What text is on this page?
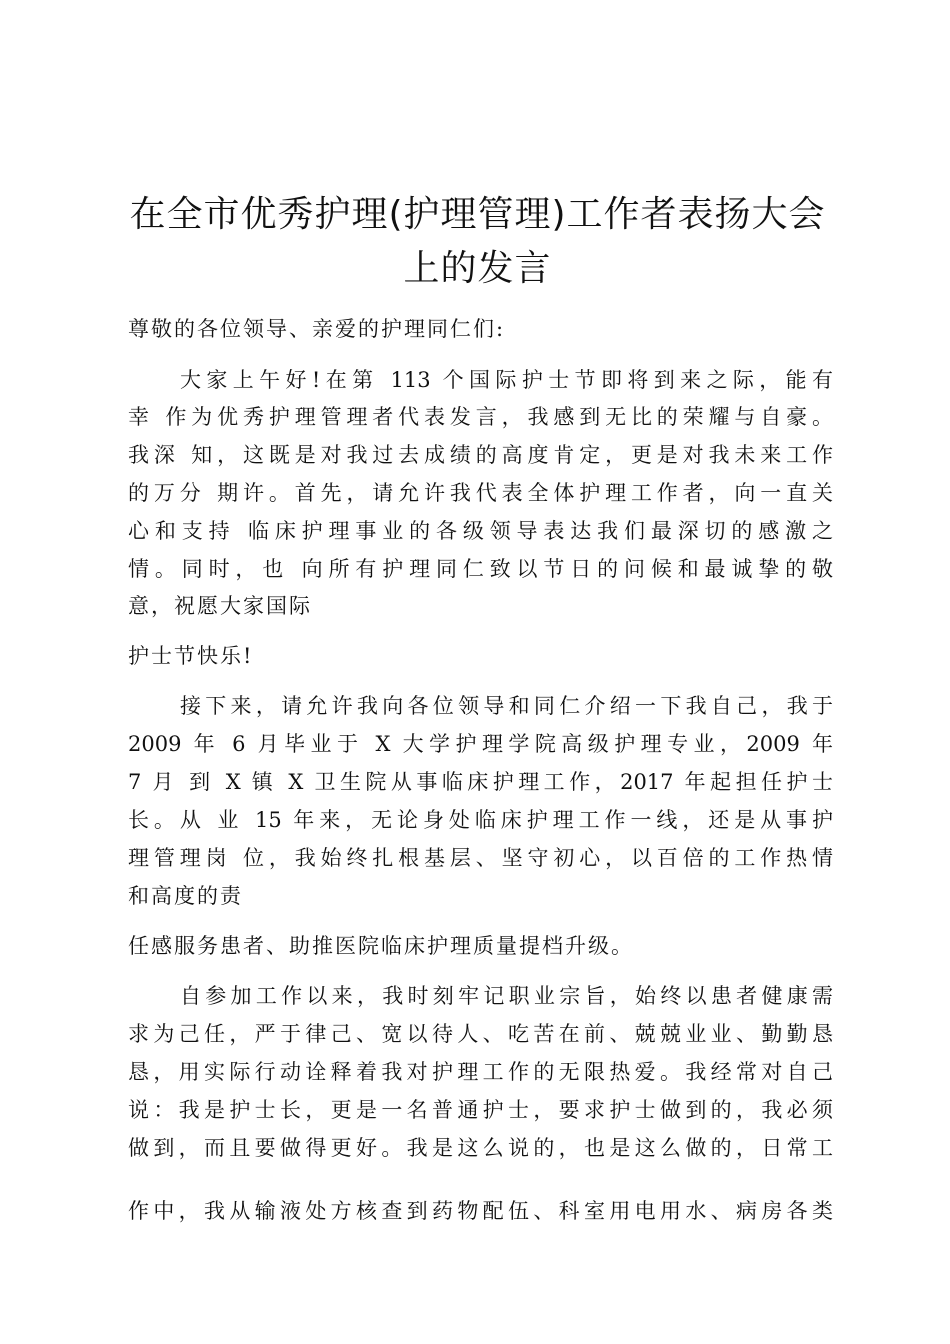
在全市优秀护理(护理管理)工作者表扬大会
上的发言

尊敬的各位领导、亲爱的护理同仁们:

大家上午好!在第 113 个国际护士节即将到来之际，能有

幸 作为优秀护理管理者代表发言，我感到无比的荣耀与自豪。

我深 知，这既是对我过去成绩的高度肯定，更是对我未来工作

的万分 期许。首先，请允许我代表全体护理工作者，向一直关

心和支持 临床护理事业的各级领导表达我们最深切的感激之

情。同时，也 向所有护理同仁致以节日的问候和最诚挚的敬

意，祝愿大家国际

护士节快乐!

接下来，请允许我向各位领导和同仁介绍一下我自己，我于

2009 年 6 月毕业于 X 大学护理学院高级护理专业，2009 年

7 月 到 X 镇 X 卫生院从事临床护理工作，2017 年起担任护士

长。从 业 15 年来，无论身处临床护理工作一线，还是从事护

理管理岗 位，我始终扎根基层、坚守初心，以百倍的工作热情

和高度的责

任感服务患者、助推医院临床护理质量提档升级。

自参加工作以来，我时刻牢记职业宗旨，始终以患者健康需

求为己任，严于律己、宽以待人、吃苦在前、兢兢业业、勤勤恳

恳，用实际行动诠释着我对护理工作的无限热爱。我经常对自己

说：我是护士长，更是一名普通护士，要求护士做到的，我必须

做到，而且要做得更好。我是这么说的，也是这么做的，日常工

作中，我从输液处方核查到药物配伍、科室用电用水、病房各类
